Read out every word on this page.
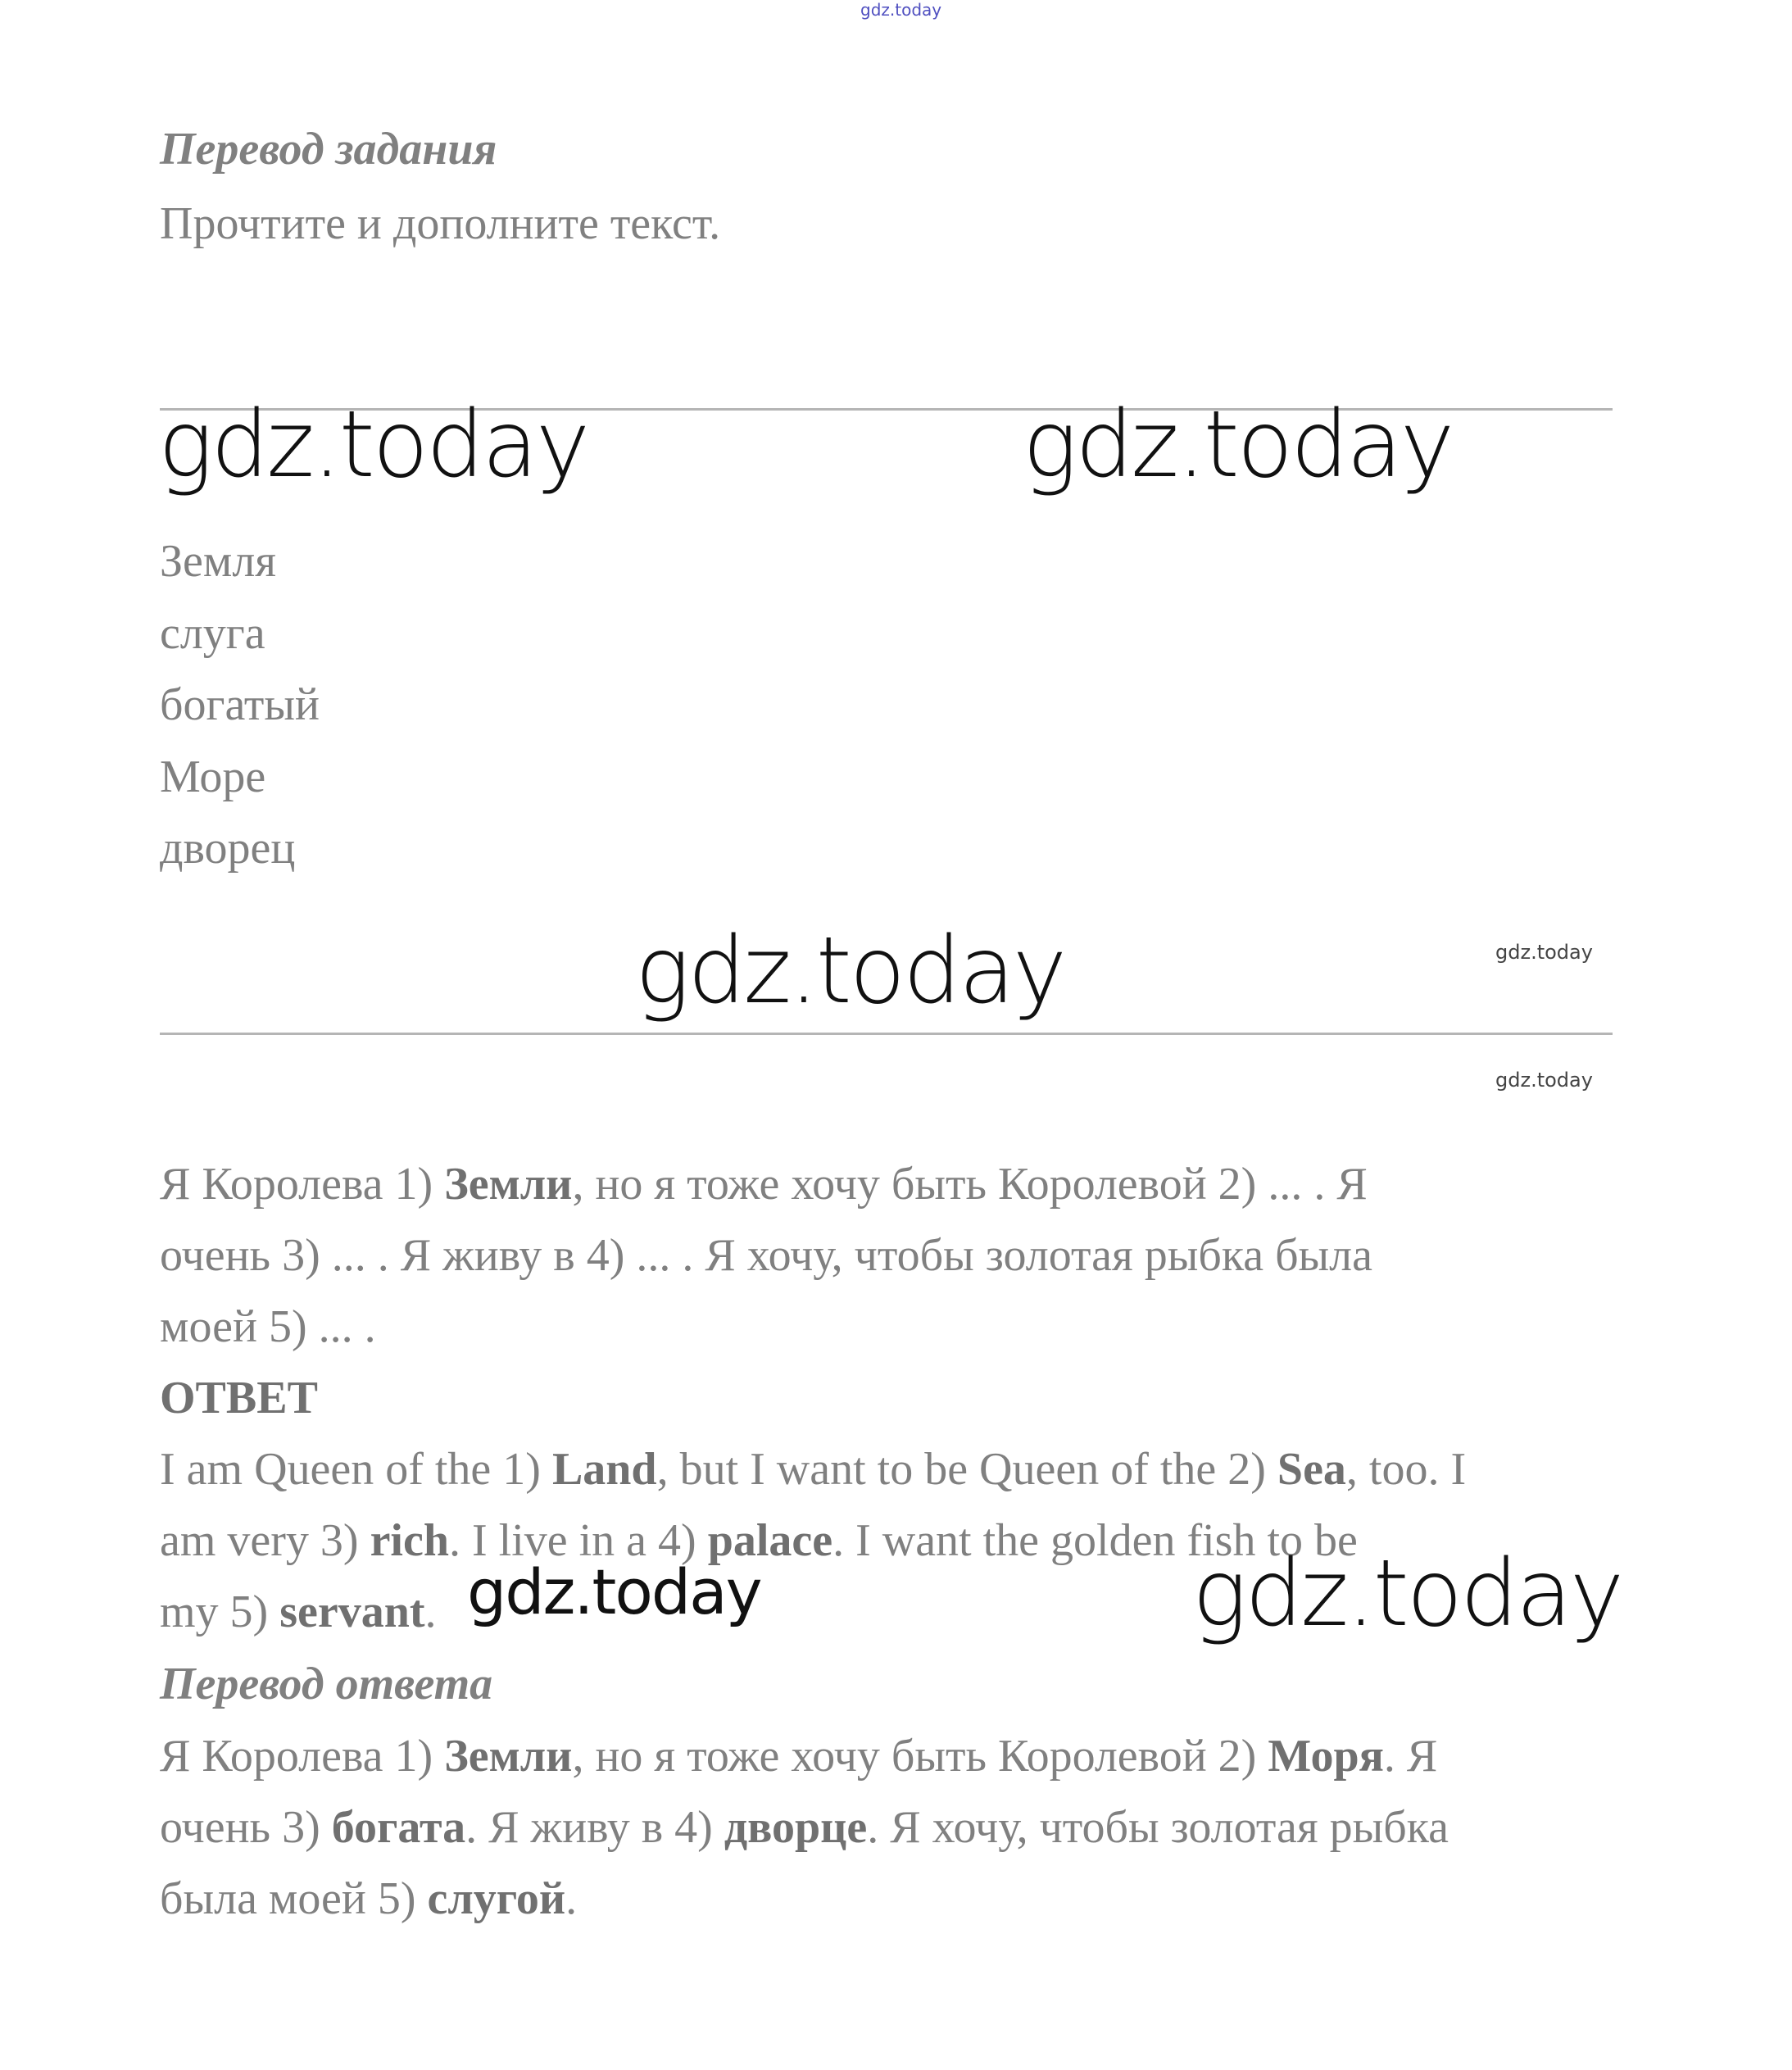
gdz.today
Перевод задания
Прочтите и дополните текст.
gdz.today	gdz.today
Земля
слуга
богатый
Море
дворец
gdz.today	gdz.today
gdz.today
Я Королева 1) Земли, но я тоже хочу быть Королевой 2) ... . Я
очень 3) ... . Я живу в 4) ... . Я хочу, чтобы золотая рыбка была
моей 5) ... .
ОТВЕТ
I am Queen of the 1) Land, but I want to be Queen of the 2) Sea, too. I
am very 3) rich. I live in a 4) palace. I want the golden fish to be
my 5) servant. gdz.today	gdz.today
Перевод ответа
Я Королева 1) Земли, но я тоже хочу быть Королевой 2) Моря. Я
очень 3) богата. Я живу в 4) дворце. Я хочу, чтобы золотая рыбка
была моей 5) слугой.
